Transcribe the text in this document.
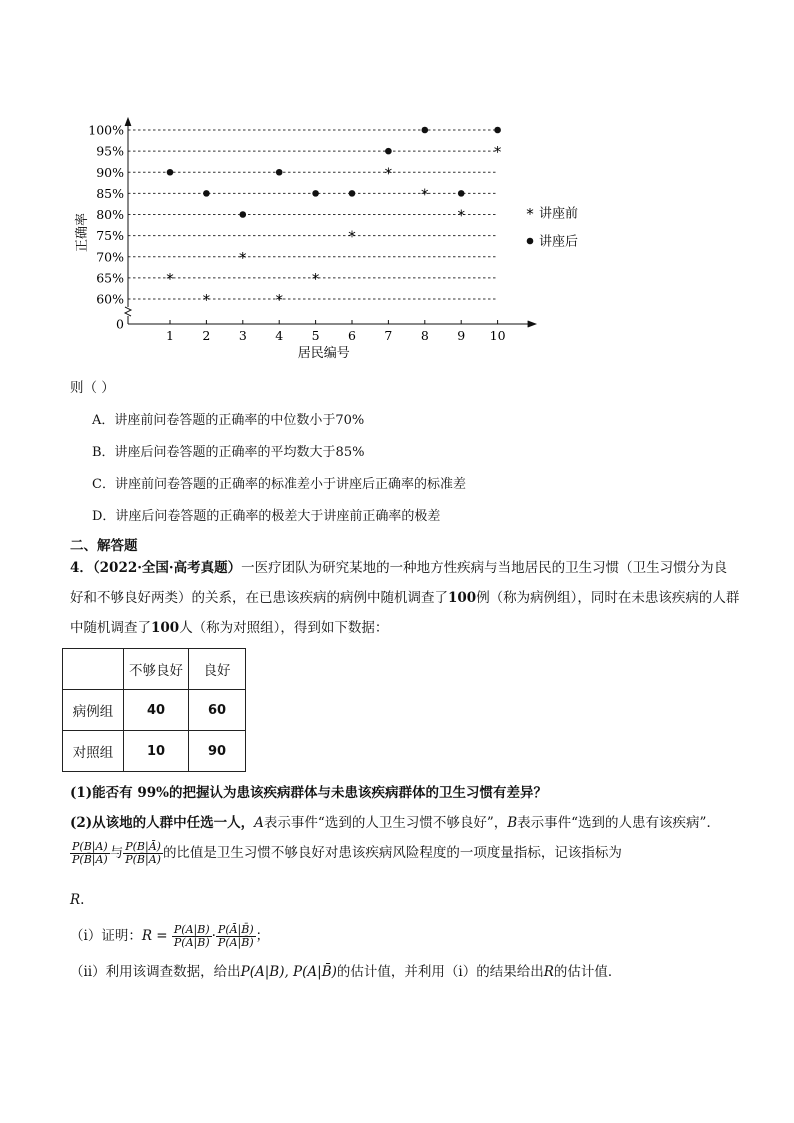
0
60%
65%
70%
75%
80%
85%
90%
95%
100%
1 2 3 4 5 6 7 8 9 10
*
*
*
*
*
*
*
*
*
*
* 讲座前
讲座后
正确率
居民编号
则（ ）
A．讲座前问卷答题的正确率的中位数小于70%
B．讲座后问卷答题的正确率的平均数大于85%
C．讲座前问卷答题的正确率的标准差小于讲座后正确率的标准差
D．讲座后问卷答题的正确率的极差大于讲座前正确率的极差
二、解答题
4．（2022·全国·高考真题）一医疗团队为研究某地的一种地方性疾病与当地居民的卫生习惯（卫生习惯分为良好和不够良好两类）的关系，在已患该疾病的病例中随机调查了100例（称为病例组），同时在未患该疾病的人群中随机调查了100人（称为对照组），得到如下数据：
	不够良好	良好
病例组	40	60
对照组	10	90
(1)能否有 99%的把握认为患该疾病群体与未患该疾病群体的卫生习惯有差异？
(2)从该地的人群中任选一人，A表示事件“选到的人卫生习惯不够良好”，B表示事件“选到的人患有该疾病”．
$\frac{P(B|A)}{P(B̄|A)}$ 与 $\frac{P(B|Ā)}{P(B̄|Ā)}$ 的比值是卫生习惯不够良好对患该疾病风险程度的一项度量指标，记该指标为
R.
（ⅰ）证明：$R = \frac{P(A|B)}{P(Ā|B)} \cdot \frac{P(Ā|B̄)}{P(A|B̄)}$ ；
（ⅱ）利用该调查数据，给出P(A|B), P(A|B̄)的估计值，并利用（ⅰ）的结果给出R的估计值．
